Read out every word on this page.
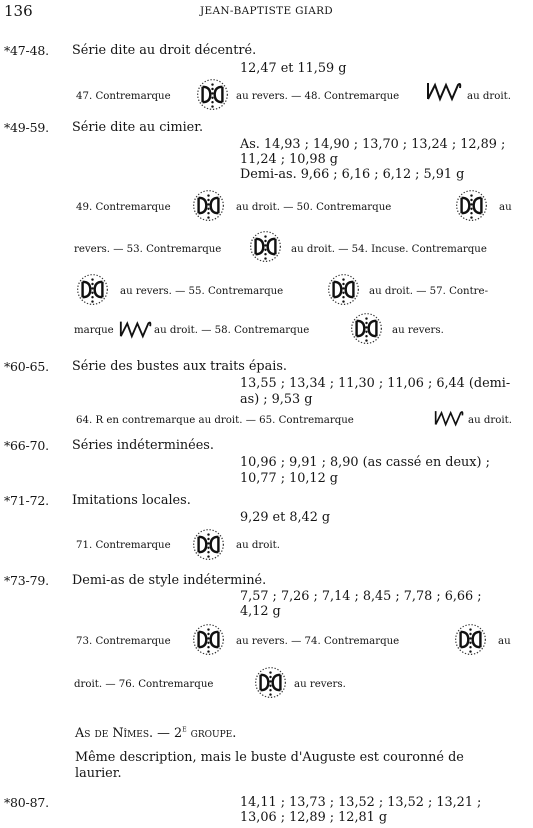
136	JEAN-BAPTISTE GIARD
*47-48. Série dite au droit décentré.
12,47 et 11,59 g
47. Contremarque	au revers. — 48. Contremarque	au droit.
*49-59. Série dite au cimier.
As. 14,93 ; 14,90 ; 13,70 ; 13,24 ; 12,89 ;
11,24 ; 10,98 g
Demi-as. 9,66 ; 6,16 ; 6,12 ; 5,91 g
49. Contremarque	au droit. — 50. Contremarque	au
revers. — 53. Contremarque	au droit. — 54. Incuse. Contremarque
au revers. — 55. Contremarque	au droit. — 57. Contre-
marque	au droit. — 58. Contremarque	au revers.
*60-65. Série des bustes aux traits épais.
13,55 ; 13,34 ; 11,30 ; 11,06 ; 6,44 (demi-
as) ; 9,53 g
64. R en contremarque au droit. — 65. Contremarque	au droit.
*66-70. Séries indéterminées.
10,96 ; 9,91 ; 8,90 (as cassé en deux) ;
10,77 ; 10,12 g
*71-72. Imitations locales.
9,29 et 8,42 g
71. Contremarque	au droit.
*73-79. Demi-as de style indéterminé.
7,57 ; 7,26 ; 7,14 ; 8,45 ; 7,78 ; 6,66 ;
4,12 g
73. Contremarque	au revers. — 74. Contremarque	au
droit. — 76. Contremarque	au revers.
As de Nîmes. — 2e groupe.
Même description, mais le buste d'Auguste est couronné de
laurier.
*80-87.	14,11 ; 13,73 ; 13,52 ; 13,52 ; 13,21 ;
13,06 ; 12,89 ; 12,81 g
